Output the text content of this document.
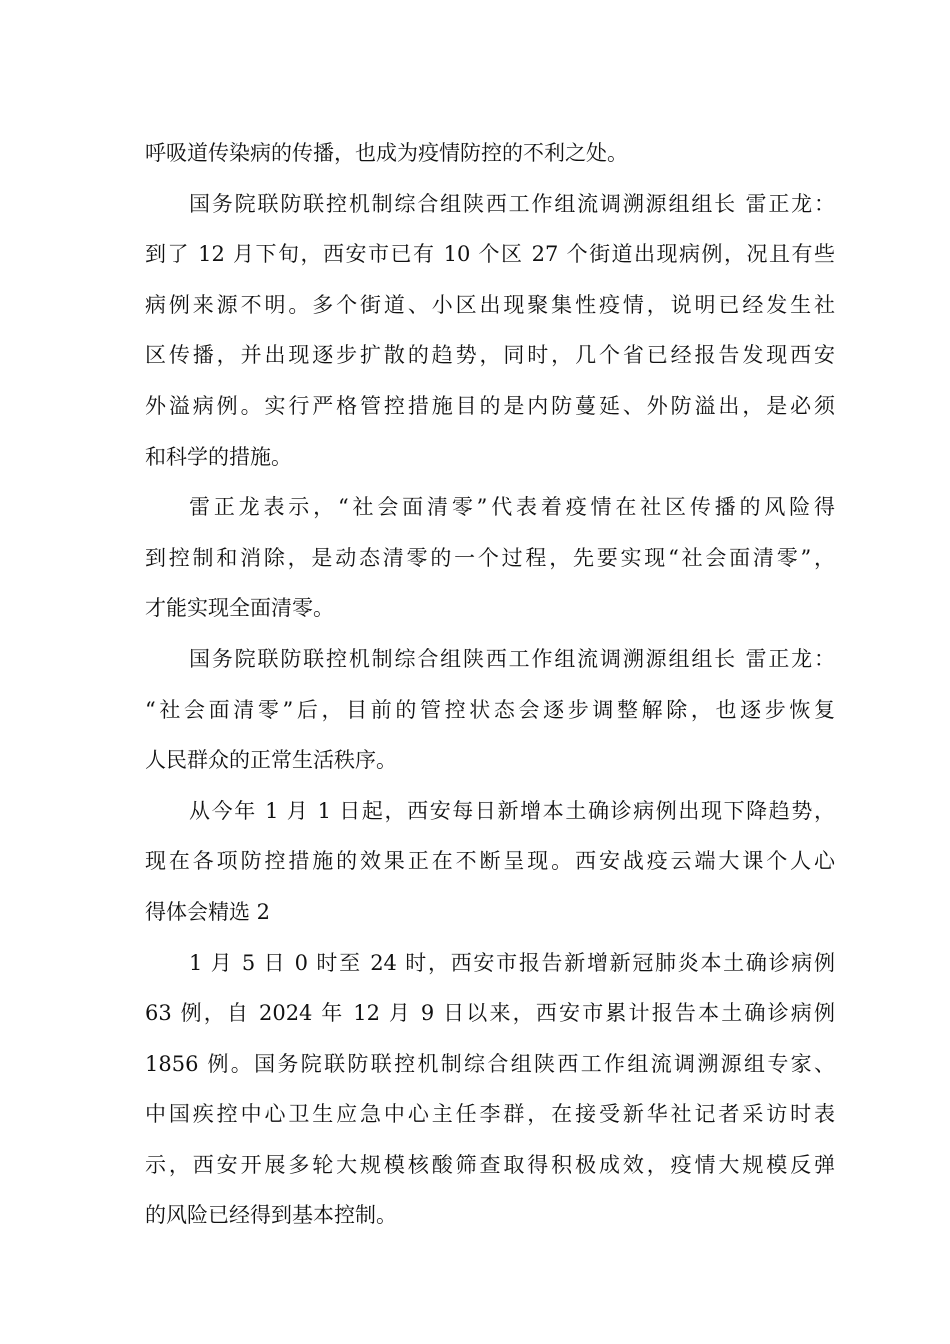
呼吸道传染病的传播，也成为疫情防控的不利之处。

国务院联防联控机制综合组陕西工作组流调溯源组组长 雷正龙：
到了 12 月下旬，西安市已有 10 个区 27 个街道出现病例，况且有些
病例来源不明。多个街道、小区出现聚集性疫情，说明已经发生社
区传播，并出现逐步扩散的趋势，同时，几个省已经报告发现西安
外溢病例。实行严格管控措施目的是内防蔓延、外防溢出，是必须
和科学的措施。

雷正龙表示，“社会面清零”代表着疫情在社区传播的风险得
到控制和消除，是动态清零的一个过程，先要实现“社会面清零”，
才能实现全面清零。

国务院联防联控机制综合组陕西工作组流调溯源组组长 雷正龙：
“社会面清零”后，目前的管控状态会逐步调整解除，也逐步恢复
人民群众的正常生活秩序。

从今年 1 月 1 日起，西安每日新增本土确诊病例出现下降趋势，
现在各项防控措施的效果正在不断呈现。西安战疫云端大课个人心
得体会精选 2

1 月 5 日 0 时至 24 时，西安市报告新增新冠肺炎本土确诊病例
63 例，自 2024 年 12 月 9 日以来，西安市累计报告本土确诊病例
1856 例。国务院联防联控机制综合组陕西工作组流调溯源组专家、
中国疾控中心卫生应急中心主任李群，在接受新华社记者采访时表
示，西安开展多轮大规模核酸筛查取得积极成效，疫情大规模反弹
的风险已经得到基本控制。
